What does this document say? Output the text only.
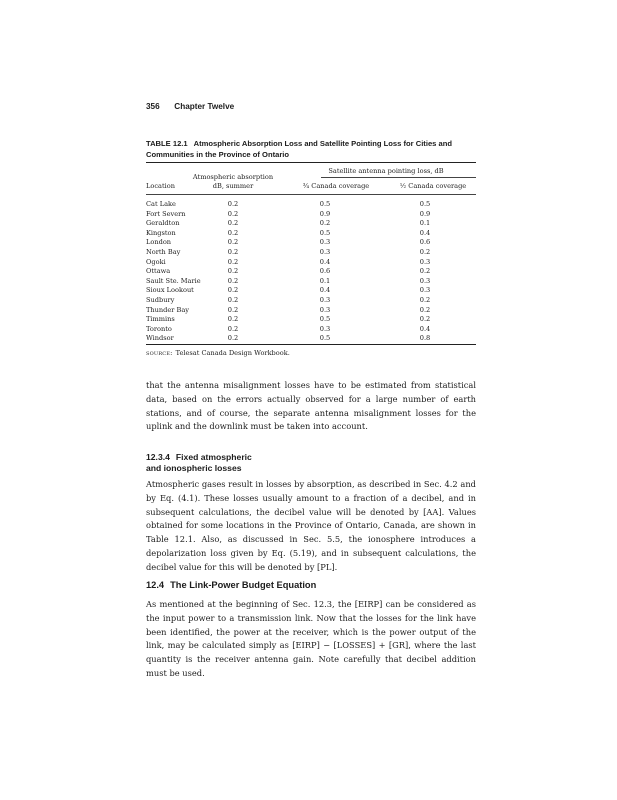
356 Chapter Twelve
TABLE 12.1 Atmospheric Absorption Loss and Satellite Pointing Loss for Cities and Communities in the Province of Ontario
Satellite antenna pointing loss, dB
Atmospheric absorption
Location	dB, summer	¾ Canada coverage	½ Canada coverage
Cat Lake	0.2	0.5	0.5
Fort Severn	0.2	0.9	0.9
Geraldton	0.2	0.2	0.1
Kingston	0.2	0.5	0.4
London	0.2	0.3	0.6
North Bay	0.2	0.3	0.2
Ogoki	0.2	0.4	0.3
Ottawa	0.2	0.6	0.2
Sault Ste. Marie	0.2	0.1	0.3
Sioux Lookout	0.2	0.4	0.3
Sudbury	0.2	0.3	0.2
Thunder Bay	0.2	0.3	0.2
Timmins	0.2	0.5	0.2
Toronto	0.2	0.3	0.4
Windsor	0.2	0.5	0.8
source: Telesat Canada Design Workbook.

that the antenna misalignment losses have to be estimated from statistical data, based on the errors actually observed for a large number of earth stations, and of course, the separate antenna misalignment losses for the uplink and the downlink must be taken into account.

12.3.4 Fixed atmospheric
and ionospheric losses

Atmospheric gases result in losses by absorption, as described in Sec. 4.2 and by Eq. (4.1). These losses usually amount to a fraction of a decibel, and in subsequent calculations, the decibel value will be denoted by [AA]. Values obtained for some locations in the Province of Ontario, Canada, are shown in Table 12.1. Also, as discussed in Sec. 5.5, the ionosphere introduces a depolarization loss given by Eq. (5.19), and in subsequent calculations, the decibel value for this will be denoted by [PL].

12.4 The Link-Power Budget Equation

As mentioned at the beginning of Sec. 12.3, the [EIRP] can be considered as the input power to a transmission link. Now that the losses for the link have been identified, the power at the receiver, which is the power output of the link, may be calculated simply as [EIRP] − [LOSSES] + [GR], where the last quantity is the receiver antenna gain. Note carefully that decibel addition must be used.
